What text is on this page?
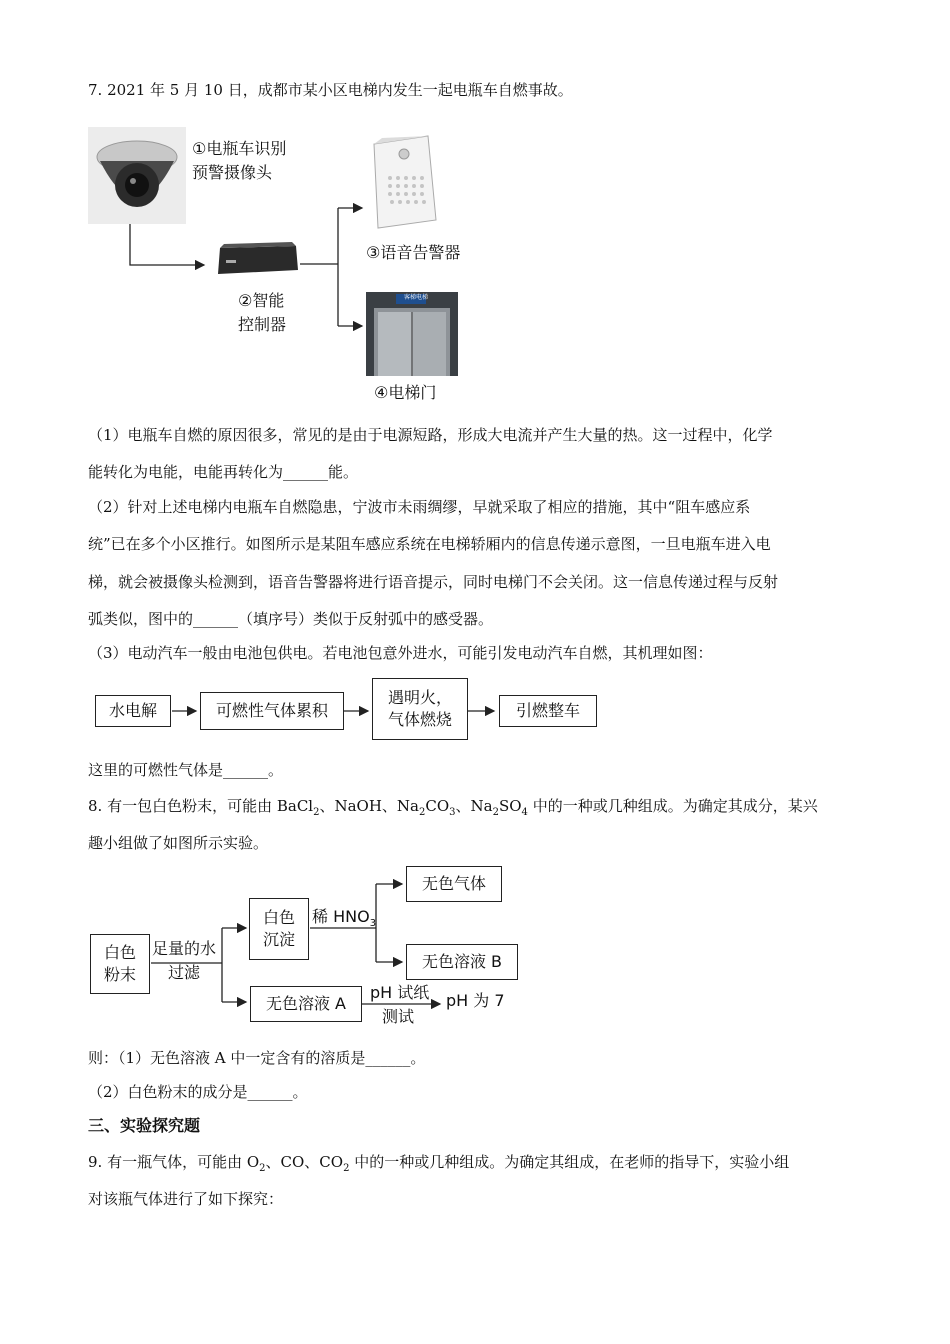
7. 2021 年 5 月 10 日，成都市某小区电梯内发生一起电瓶车自燃事故。
①电瓶车识别
预警摄像头
②智能
控制器
③语音告警器
客梯电梯
④电梯门
（1）电瓶车自燃的原因很多，常见的是由于电源短路，形成大电流并产生大量的热。这一过程中，化学
能转化为电能，电能再转化为______能。
（2）针对上述电梯内电瓶车自燃隐患，宁波市未雨绸缪，早就采取了相应的措施，其中“阻车感应系
统”已在多个小区推行。如图所示是某阻车感应系统在电梯轿厢内的信息传递示意图，一旦电瓶车进入电
梯，就会被摄像头检测到，语音告警器将进行语音提示，同时电梯门不会关闭。这一信息传递过程与反射
弧类似，图中的______（填序号）类似于反射弧中的感受器。
（3）电动汽车一般由电池包供电。若电池包意外进水，可能引发电动汽车自燃，其机理如图：
水电解	可燃性气体累积
遇明火，
气体燃烧	引燃整车
这里的可燃性气体是______。
8. 有一包白色粉末，可能由 BaCl$_2$、NaOH、$Na_2CO_3$、$Na_2SO_4$ 中的一种或几种组成。为确定其成分，某兴
趣小组做了如图所示实验。
白色
粉末
足量的水
过滤
白色
沉淀
稀 $HNO_3$
无色气体
无色溶液 B
无色溶液 A
pH 试纸
测试
pH 为 7
则：（1）无色溶液 A 中一定含有的溶质是______。
（2）白色粉末的成分是______。
三、实验探究题
9. 有一瓶气体，可能由 $O_2$、CO、$CO_2$ 中的一种或几种组成。为确定其组成，在老师的指导下，实验小组
对该瓶气体进行了如下探究：
